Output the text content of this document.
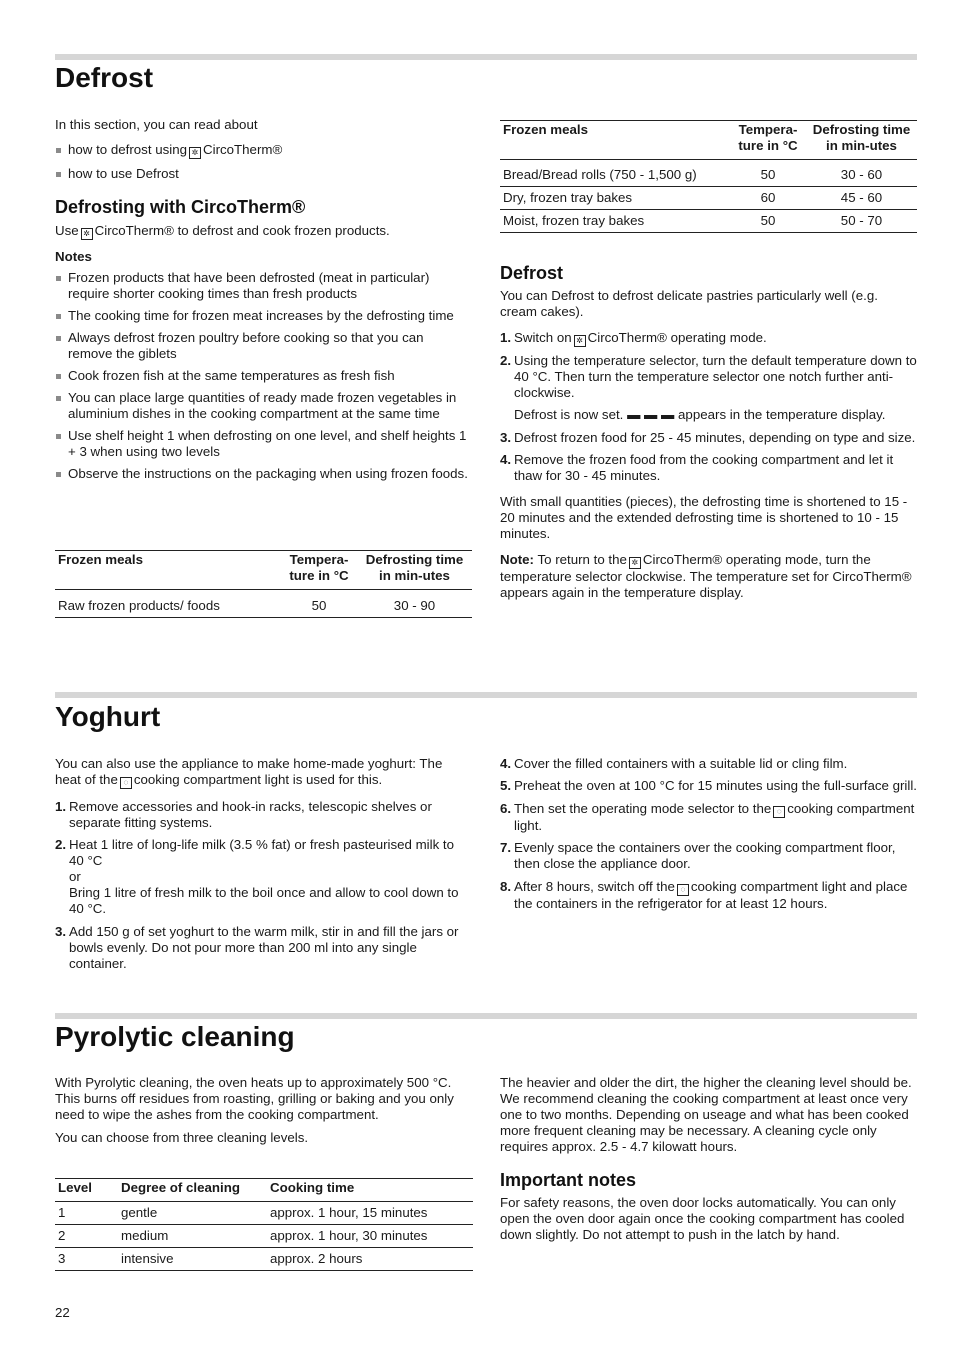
Defrost

In this section, you can read about

how to defrost using ✲ CircoTherm®
how to use Defrost
Defrosting with CircoTherm®

Use ✲ CircoTherm® to defrost and cook frozen products.

Notes

Frozen products that have been defrosted (meat in particular) require shorter cooking times than fresh products
The cooking time for frozen meat increases by the defrosting time
Always defrost frozen poultry before cooking so that you can remove the giblets
Cook frozen fish at the same temperatures as fresh fish
You can place large quantities of ready made frozen vegetables in aluminium dishes in the cooking compartment at the same time
Use shelf height 1 when defrosting on one level, and shelf heights 1 + 3 when using two levels
Observe the instructions on the packaging when using frozen foods.
Frozen meals	Tempera-ture in °C	Defrosting time in min-utes
Raw frozen products/ foods	50	30 - 90
Frozen meals	Tempera-ture in °C	Defrosting time in min-utes
Bread/Bread rolls (750 - 1,500 g)	50	30 - 60
Dry, frozen tray bakes	60	45 - 60
Moist, frozen tray bakes	50	50 - 70
Defrost

You can Defrost to defrost delicate pastries particularly well (e.g. cream cakes).

1. Switch on ✲ CircoTherm® operating mode.
2. Using the temperature selector, turn the default temperature down to 40 °C. Then turn the temperature selector one notch further anti-clockwise.

Defrost is now set. ▬ ▬ ▬ appears in the temperature display.

3. Defrost frozen food for 25 - 45 minutes, depending on type and size.
4. Remove the frozen food from the cooking compartment and let it thaw for 30 - 45 minutes.

With small quantities (pieces), the defrosting time is shortened to 15 - 20 minutes and the extended defrosting time is shortened to 10 - 15 minutes.

Note: To return to the ✲ CircoTherm® operating mode, turn the temperature selector clockwise. The temperature set for CircoTherm® appears again in the temperature display.

Yoghurt

You can also use the appliance to make home-made yoghurt: The heat of the ◌ cooking compartment light is used for this.

1. Remove accessories and hook-in racks, telescopic shelves or separate fitting systems.
2. Heat 1 litre of long-life milk (3.5 % fat) or fresh pasteurised milk to 40 °C
or
Bring 1 litre of fresh milk to the boil once and allow to cool down to 40 °C.
3. Add 150 g of set yoghurt to the warm milk, stir in and fill the jars or bowls evenly. Do not pour more than 200 ml into any single container.
4. Cover the filled containers with a suitable lid or cling film.
5. Preheat the oven at 100 °C for 15 minutes using the full-surface grill.
6. Then set the operating mode selector to the ◌ cooking compartment light.
7. Evenly space the containers over the cooking compartment floor, then close the appliance door.
8. After 8 hours, switch off the ◌ cooking compartment light and place the containers in the refrigerator for at least 12 hours.
Pyrolytic cleaning

With Pyrolytic cleaning, the oven heats up to approximately 500 °C. This burns off residues from roasting, grilling or baking and you only need to wipe the ashes from the cooking compartment.

You can choose from three cleaning levels.

Level	Degree of cleaning	Cooking time
1	gentle	approx. 1 hour, 15 minutes
2	medium	approx. 1 hour, 30 minutes
3	intensive	approx. 2 hours

The heavier and older the dirt, the higher the cleaning level should be. We recommend cleaning the cooking compartment at least once very one to two months. Depending on useage and what has been cooked more frequent cleaning may be necessary. A cleaning cycle only requires approx. 2.5 - 4.7 kilowatt hours.

Important notes

For safety reasons, the oven door locks automatically. You can only open the oven door again once the cooking compartment has cooled down slightly. Do not attempt to push in the latch by hand.

22
